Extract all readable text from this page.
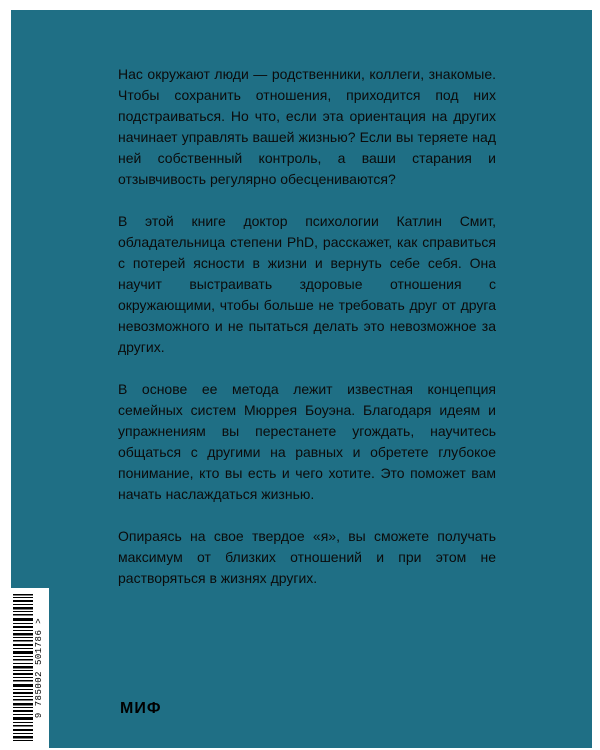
Нас окружают люди — родственники, коллеги, знакомые. Чтобы сохранить отношения, приходится под них подстраиваться. Но что, если эта ориентация на других начинает управлять вашей жизнью? Если вы теряете над ней собственный контроль, а ваши старания и отзывчивость регулярно обесцениваются?

В этой книге доктор психологии Катлин Смит, обладательница степени PhD, расскажет, как справиться с потерей ясности в жизни и вернуть себе себя. Она научит выстраивать здоровые отношения с окружающими, чтобы больше не требовать друг от друга невозможного и не пытаться делать это невозможное за других.

В основе ее метода лежит известная концепция семейных систем Мюррея Боуэна. Благодаря идеям и упражнениям вы перестанете угождать, научитесь общаться с другими на равных и обретете глубокое понимание, кто вы есть и чего хотите. Это поможет вам начать наслаждаться жизнью.

Опираясь на свое твердое «я», вы сможете получать максимум от близких отношений и при этом не растворяться в жизнях других.

9 785002 501786 >	МИФ
